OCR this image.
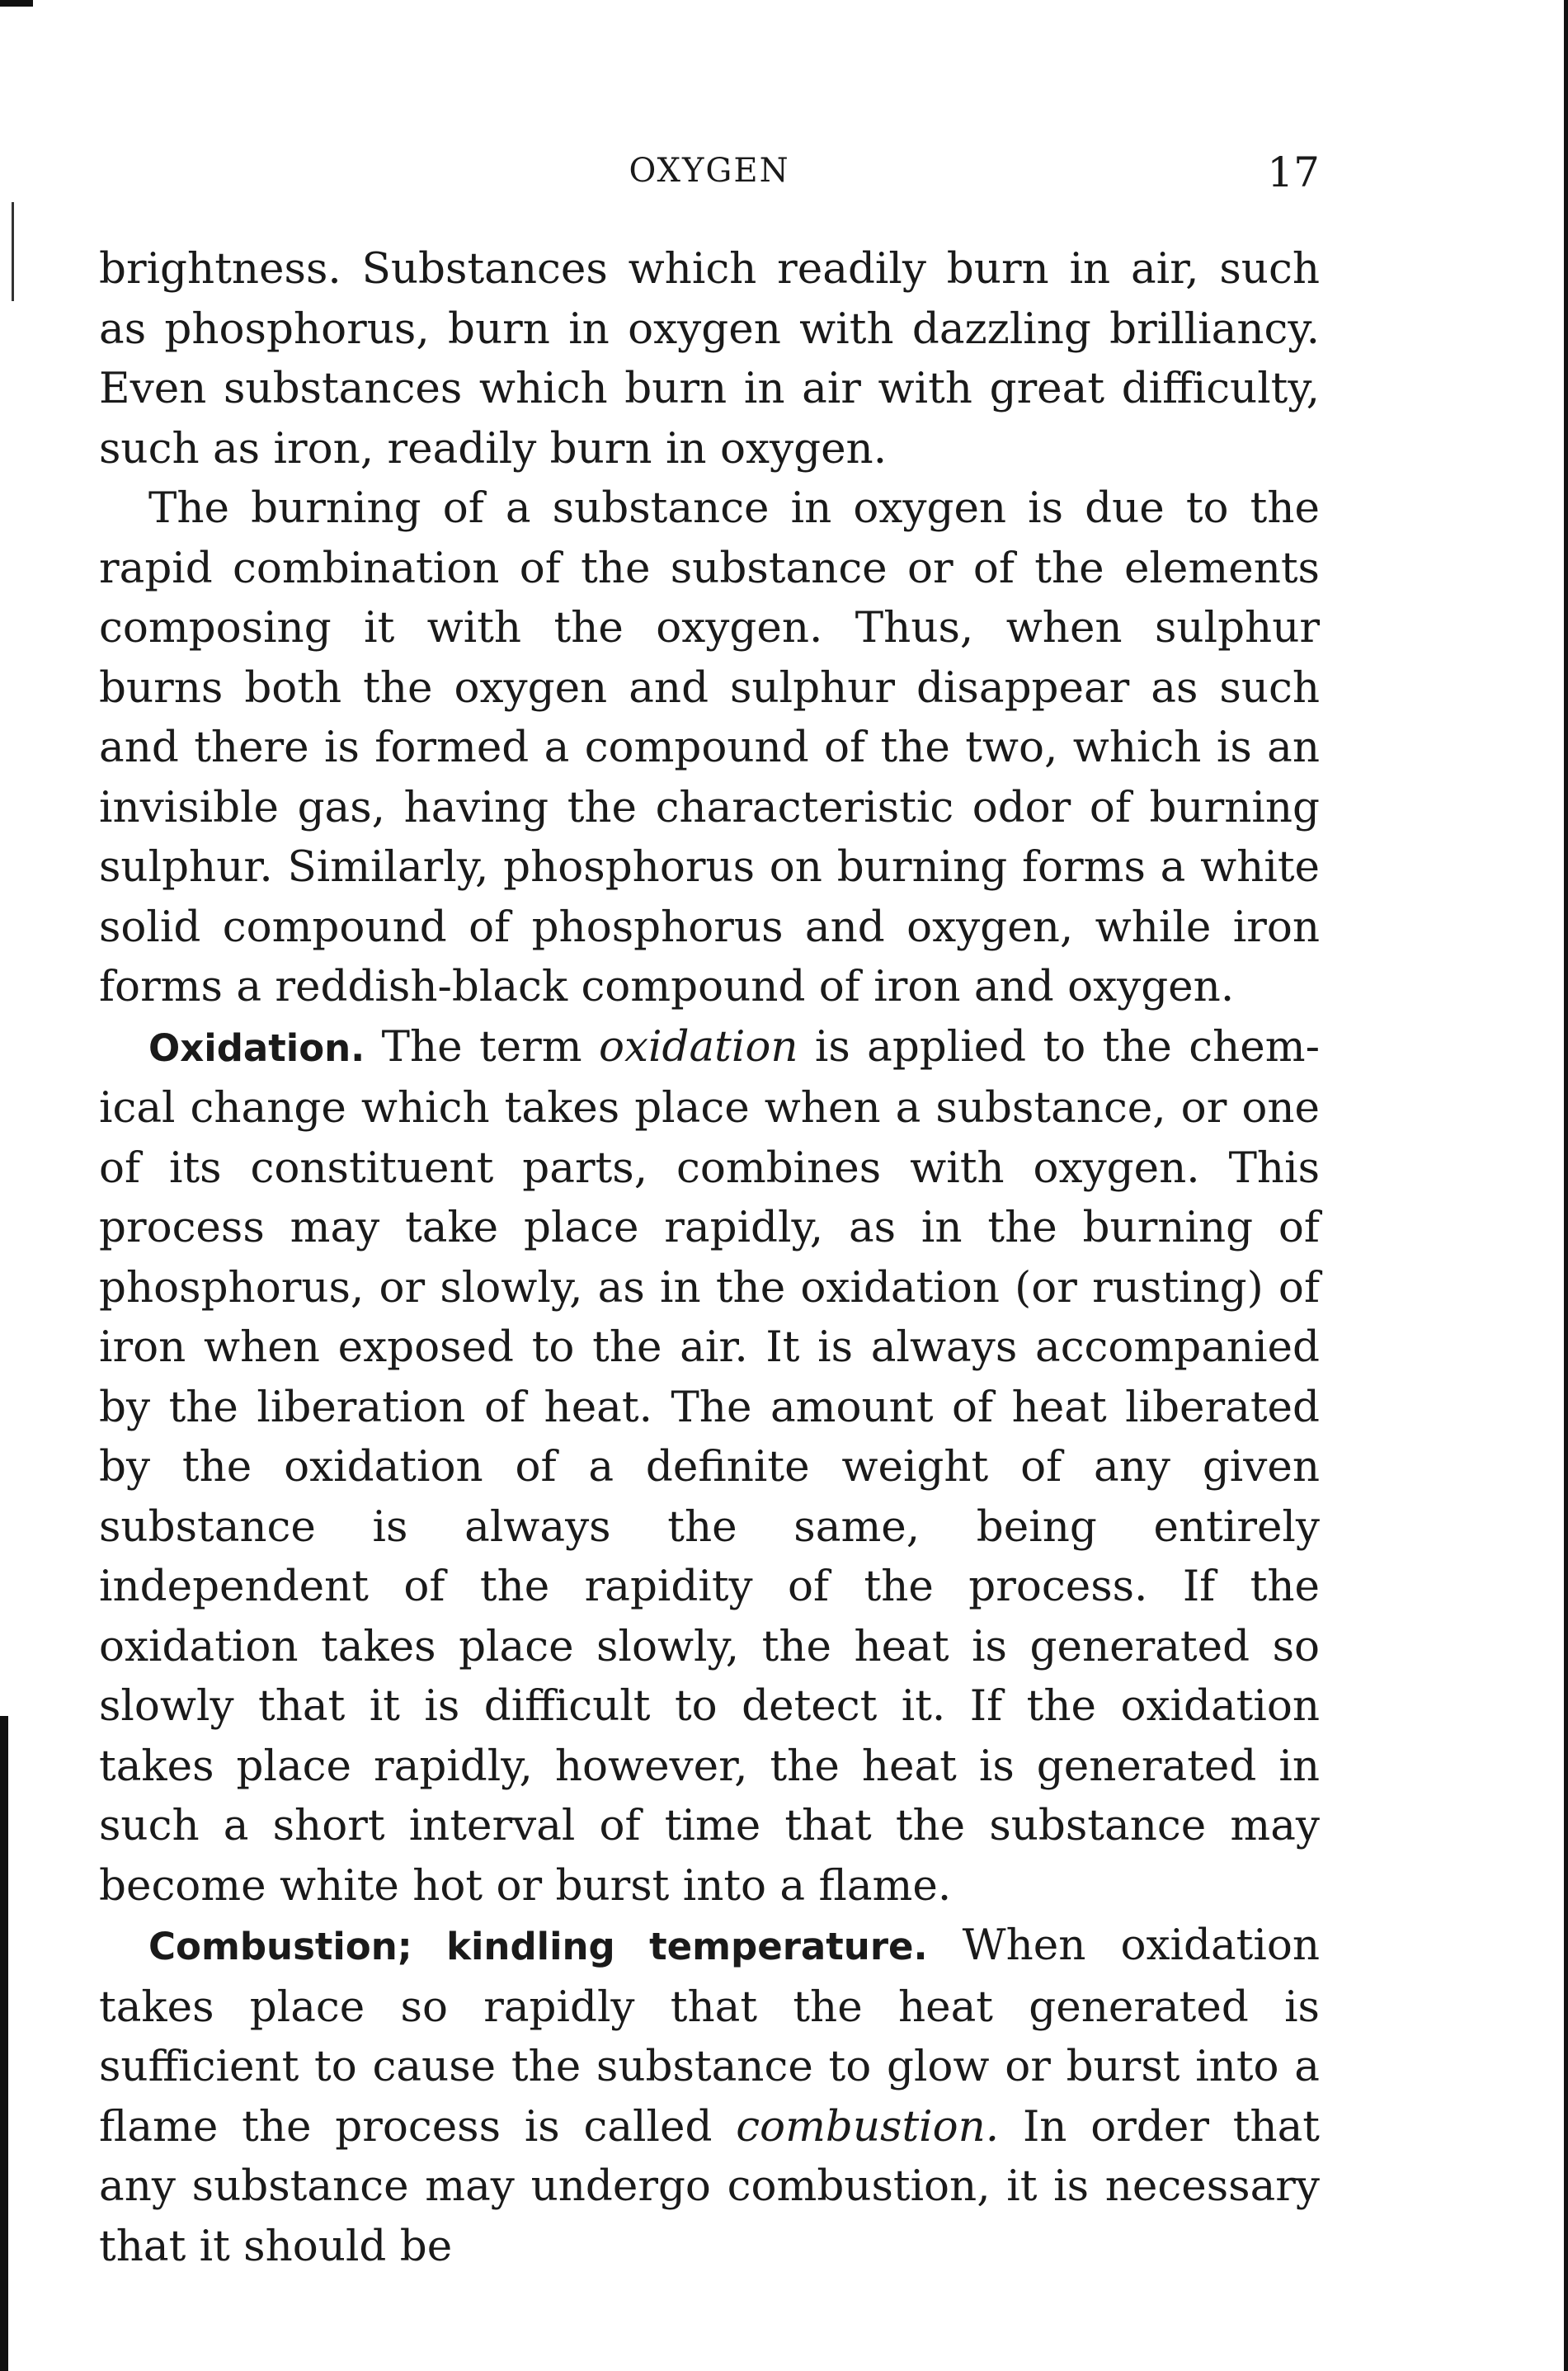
OXYGEN	17

brightness. Substances which readily burn in air, such as phosphorus, burn in oxygen with dazzling brilliancy. Even substances which burn in air with great difficulty, such as iron, readily burn in oxygen.

The burning of a substance in oxygen is due to the rapid combination of the substance or of the elements composing it with the oxygen. Thus, when sulphur burns both the oxygen and sulphur disappear as such and there is formed a compound of the two, which is an invisible gas, having the characteristic odor of burning sulphur. Similarly, phosphorus on burning forms a white solid compound of phosphorus and oxygen, while iron forms a reddish-black compound of iron and oxygen.

Oxidation. The term oxidation is applied to the chemical change which takes place when a substance, or one of its constituent parts, combines with oxygen. This process may take place rapidly, as in the burning of phosphorus, or slowly, as in the oxidation (or rusting) of iron when exposed to the air. It is always accompanied by the liberation of heat. The amount of heat liberated by the oxidation of a definite weight of any given substance is always the same, being entirely independent of the rapidity of the process. If the oxidation takes place slowly, the heat is generated so slowly that it is difficult to detect it. If the oxidation takes place rapidly, however, the heat is generated in such a short interval of time that the substance may become white hot or burst into a flame.

Combustion; kindling temperature. When oxidation takes place so rapidly that the heat generated is sufficient to cause the substance to glow or burst into a flame the process is called combustion. In order that any substance may undergo combustion, it is necessary that it should be
